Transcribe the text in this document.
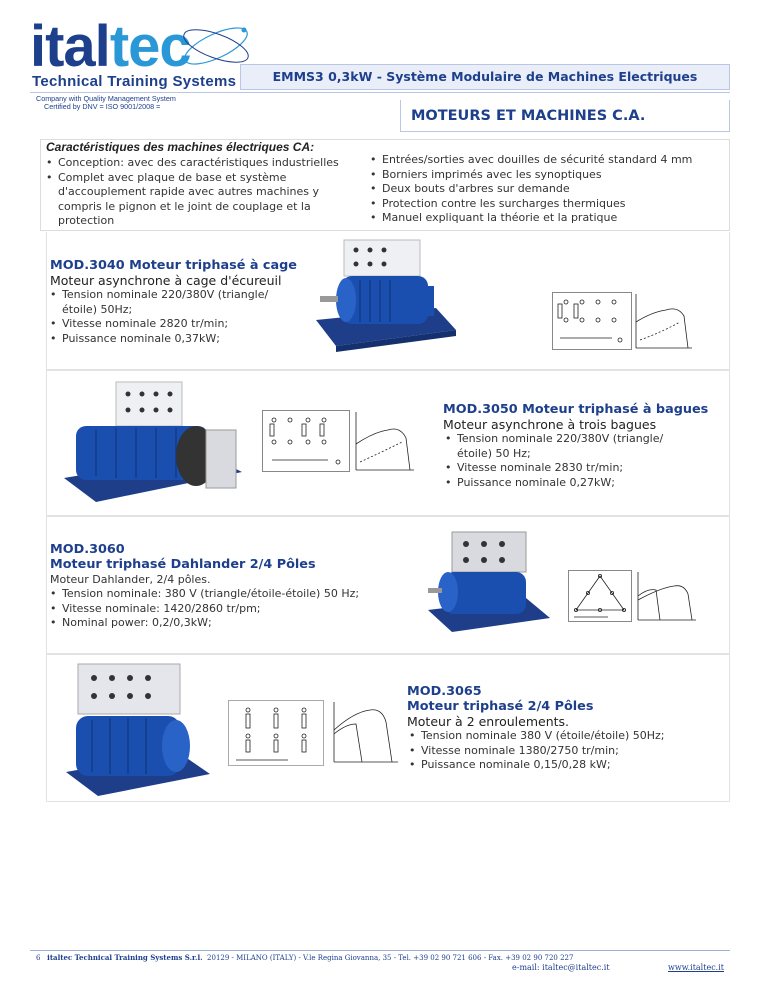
italtec
Technical Training Systems	EMMS3 0,3kW - Système Modulaire de Machines Electriques
Company with Quality Management System
Certified by DNV = ISO 9001/2008 =
MOTEURS ET MACHINES C.A.
Caractéristiques des machines électriques CA:
• Conception: avec des caractéristiques industrielles
• Complet avec plaque de base et système d'accouplement rapide avec autres machines y compris le pignon et le joint de couplage et la protection
• Entrées/sorties avec douilles de sécurité standard 4 mm
• Borniers imprimés avec les synoptiques
• Deux bouts d'arbres sur demande
• Protection contre les surcharges thermiques
• Manuel expliquant la théorie et la pratique
MOD.3040 Moteur triphasé à cage
Moteur asynchrone à cage d'écureuil
• Tension nominale 220/380V (triangle/étoile) 50Hz;
• Vitesse nominale 2820 tr/min;
• Puissance nominale 0,37kW;
MOD.3050 Moteur triphasé à bagues
Moteur asynchrone à trois bagues
• Tension nominale 220/380V (triangle/étoile) 50 Hz;
• Vitesse nominale 2830 tr/min;
• Puissance nominale 0,27kW;
MOD.3060
Moteur triphasé Dahlander 2/4 Pôles
Moteur Dahlander, 2/4 pôles.
• Tension nominale: 380 V (triangle/étoile-étoile) 50 Hz;
• Vitesse nominale: 1420/2860 tr/pm;
• Nominal power: 0,2/0,3kW;
MOD.3065
Moteur triphasé 2/4 Pôles
Moteur à 2 enroulements.
• Tension nominale 380 V (étoile/étoile) 50Hz;
• Vitesse nominale 1380/2750 tr/min;
• Puissance nominale 0,15/0,28 kW;
6 italtec Technical Training Systems S.r.l. 20129 - MILANO (ITALY) - V.le Regina Giovanna, 35 - Tel. +39 02 90 721 606 - Fax. +39 02 90 720 227
e-mail: italtec@italtec.it	www.italtec.it
